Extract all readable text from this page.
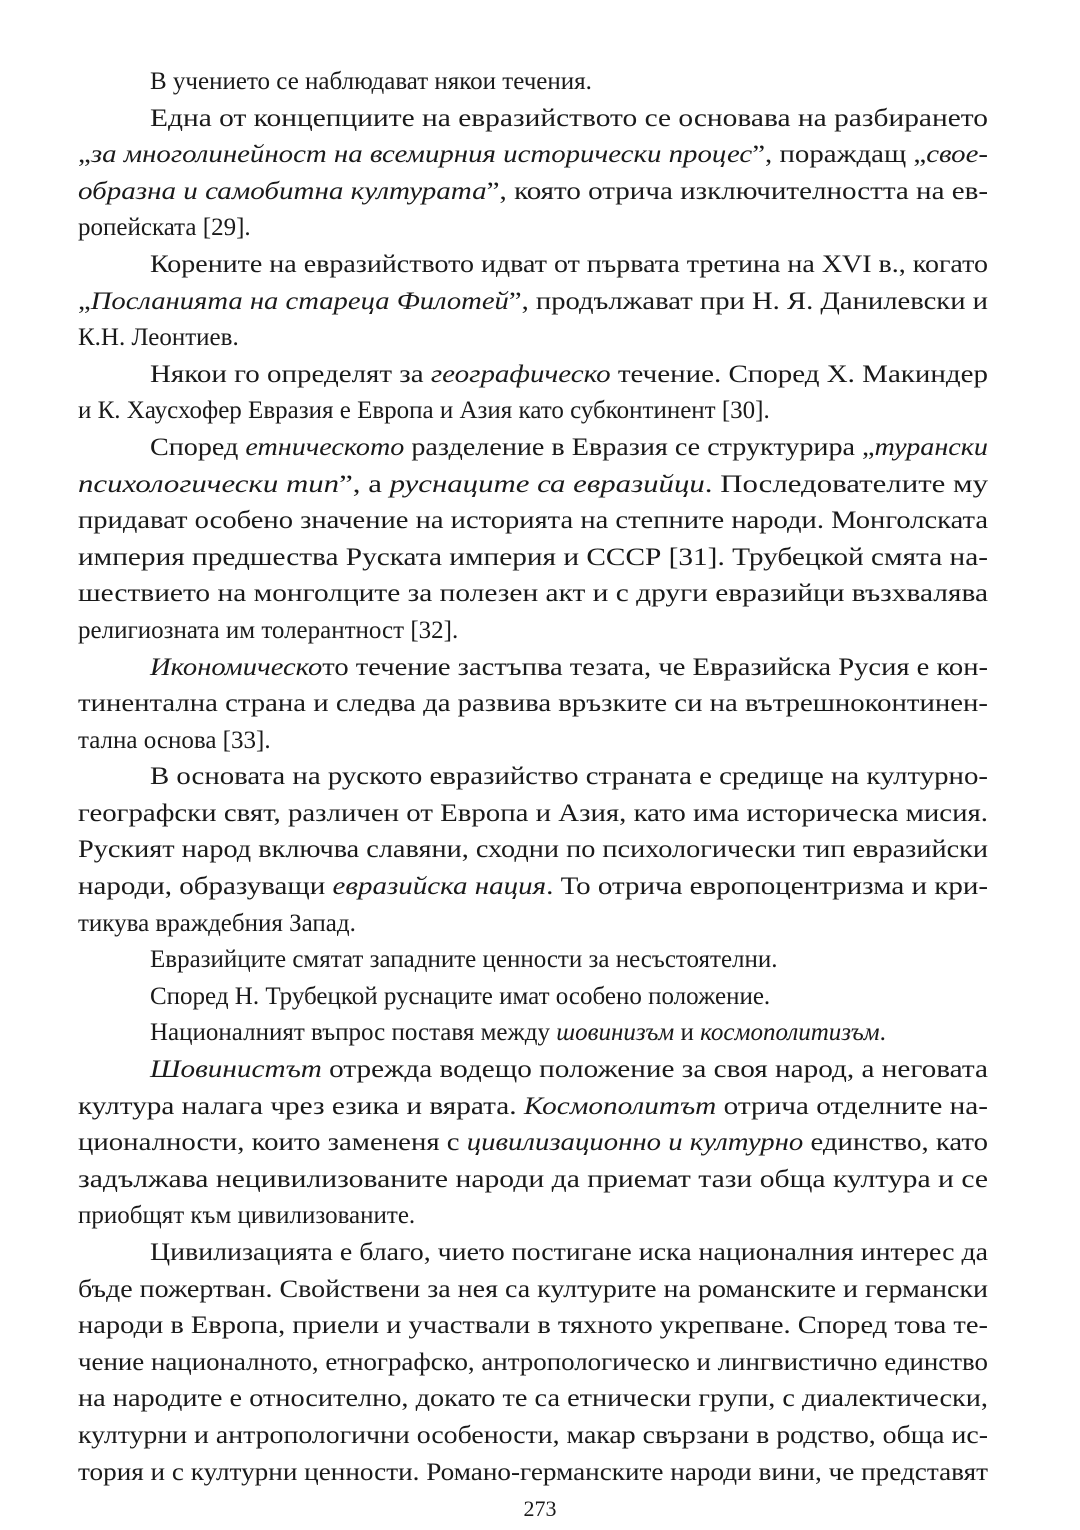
В учението се наблюдават някои течения.
Една от концепциите на евразийството се основава на разбирането
„за многолинейност на всемирния исторически процес”, пораждащ „свое-
образна и самобитна културата”, която отрича изключителността на ев-
ропейската [29].
Корените на евразийството идват от първата третина на XVI в., когато
„Посланията на стареца Филотей”, продължават при Н. Я. Данилевски и
К.Н. Леонтиев.
Някои го определят за географическо течение. Според Х. Макиндер
и К. Хаусхофер Евразия е Европа и Азия като субконтинент [30].
Според етническото разделение в Евразия се структурира „турански
психологически тип”, а руснаците са евразийци. Последователите му
придават особено значение на историята на степните народи. Монголската
империя предшества Руската империя и СССР [31]. Трубецкой смята на-
шествието на монголците за полезен акт и с други евразийци възхвалява
религиозната им толерантност [32].
Икономическото течение застъпва тезата, че Евразийска Русия е кон-
тинентална страна и следва да развива връзките си на вътрешноконтинен-
тална основа [33].
В основата на руското евразийство страната е средище на културно-
географски свят, различен от Европа и Азия, като има историческа мисия.
Руският народ включва славяни, сходни по психологически тип евразийски
народи, образуващи евразийска нация. То отрича европоцентризма и кри-
тикува враждебния Запад.
Евразийците смятат западните ценности за несъстоятелни.
Според Н. Трубецкой руснаците имат особено положение.
Националният въпрос поставя между шовинизъм и космополитизъм.
Шовинистът отрежда водещо положение за своя народ, а неговата
култура налага чрез езика и вярата. Космополитът отрича отделните на-
ционалности, които замененя с цивилизационно и културно единство, като
задължава нецивилизованите народи да приемат тази обща култура и се
приобщят към цивилизованите.
Цивилизацията е благо, чието постигане иска националния интерес да
бъде пожертван. Свойствени за нея са културите на романските и германски
народи в Европа, приели и участвали в тяхното укрепване. Според това те-
чение националното, етнографско, антропологическо и лингвистично единство
на народите е относително, докато те са етнически групи, с диалектически,
културни и антропологични особености, макар свързани в родство, обща ис-
тория и с културни ценности. Романо-германските народи вини, че представят
273
